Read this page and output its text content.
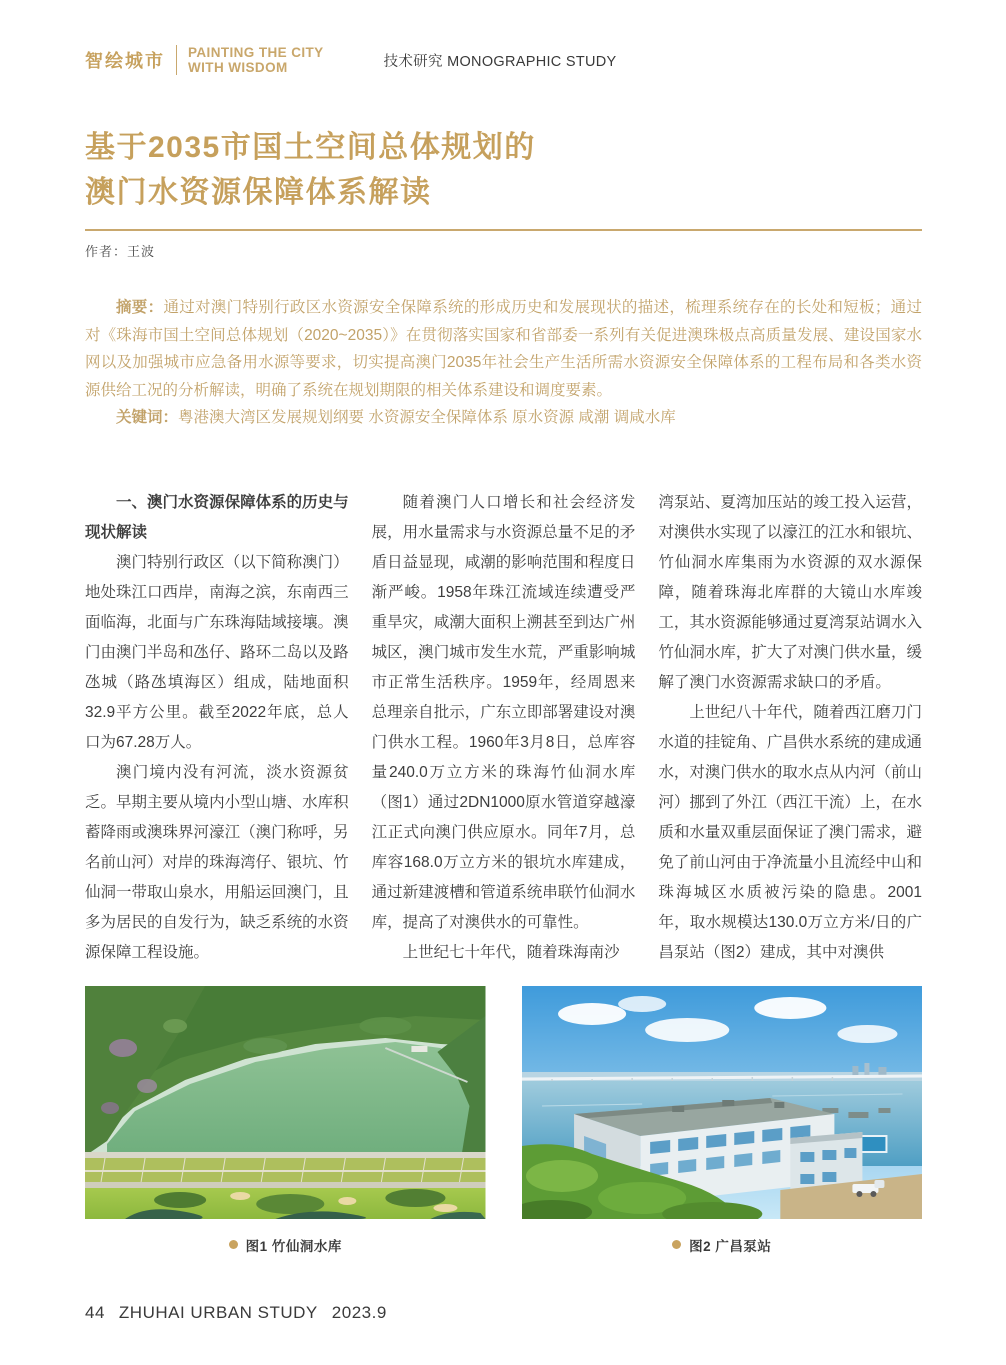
智绘城市 PAINTING THE CITY
WITH WISDOM	技术研究 MONOGRAPHIC STUDY
基于2035市国土空间总体规划的
澳门水资源保障体系解读
作者：王波

摘要：通过对澳门特别行政区水资源安全保障系统的形成历史和发展现状的描述，梳理系统存在的长处和短板；通过对《珠海市国土空间总体规划（2020~2035）》在贯彻落实国家和省部委一系列有关促进澳珠极点高质量发展、建设国家水网以及加强城市应急备用水源等要求，切实提高澳门2035年社会生产生活所需水资源安全保障体系的工程布局和各类水资源供给工况的分析解读，明确了系统在规划期限的相关体系建设和调度要素。

关键词：粤港澳大湾区发展规划纲要 水资源安全保障体系 原水资源 咸潮 调咸水库

一、澳门水资源保障体系的历史与现状解读

澳门特别行政区（以下简称澳门）地处珠江口西岸，南海之滨，东南西三面临海，北面与广东珠海陆域接壤。澳门由澳门半岛和氹仔、路环二岛以及路氹城（路氹填海区）组成，陆地面积32.9平方公里。截至2022年底，总人口为67.28万人。

澳门境内没有河流，淡水资源贫乏。早期主要从境内小型山塘、水库积蓄降雨或澳珠界河濠江（澳门称呼，另名前山河）对岸的珠海湾仔、银坑、竹仙洞一带取山泉水，用船运回澳门，且多为居民的自发行为，缺乏系统的水资源保障工程设施。

随着澳门人口增长和社会经济发展，用水量需求与水资源总量不足的矛盾日益显现，咸潮的影响范围和程度日渐严峻。1958年珠江流域连续遭受严重旱灾，咸潮大面积上溯甚至到达广州城区，澳门城市发生水荒，严重影响城市正常生活秩序。1959年，经周恩来总理亲自批示，广东立即部署建设对澳门供水工程。1960年3月8日，总库容量240.0万立方米的珠海竹仙洞水库（图1）通过2DN1000原水管道穿越濠江正式向澳门供应原水。同年7月，总库容168.0万立方米的银坑水库建成，通过新建渡槽和管道系统串联竹仙洞水库，提高了对澳供水的可靠性。

上世纪七十年代，随着珠海南沙

湾泵站、夏湾加压站的竣工投入运营，对澳供水实现了以濠江的江水和银坑、竹仙洞水库集雨为水资源的双水源保障，随着珠海北库群的大镜山水库竣工，其水资源能够通过夏湾泵站调水入竹仙洞水库，扩大了对澳门供水量，缓解了澳门水资源需求缺口的矛盾。

上世纪八十年代，随着西江磨刀门水道的挂锭角、广昌供水系统的建成通水，对澳门供水的取水点从内河（前山河）挪到了外江（西江干流）上，在水质和水量双重层面保证了澳门需求，避免了前山河由于净流量小且流经中山和珠海城区水质被污染的隐患。2001年，取水规模达130.0万立方米/日的广昌泵站（图2）建成，其中对澳供

图1 竹仙洞水库	图2 广昌泵站
44 ZHUHAI URBAN STUDY 2023.9
